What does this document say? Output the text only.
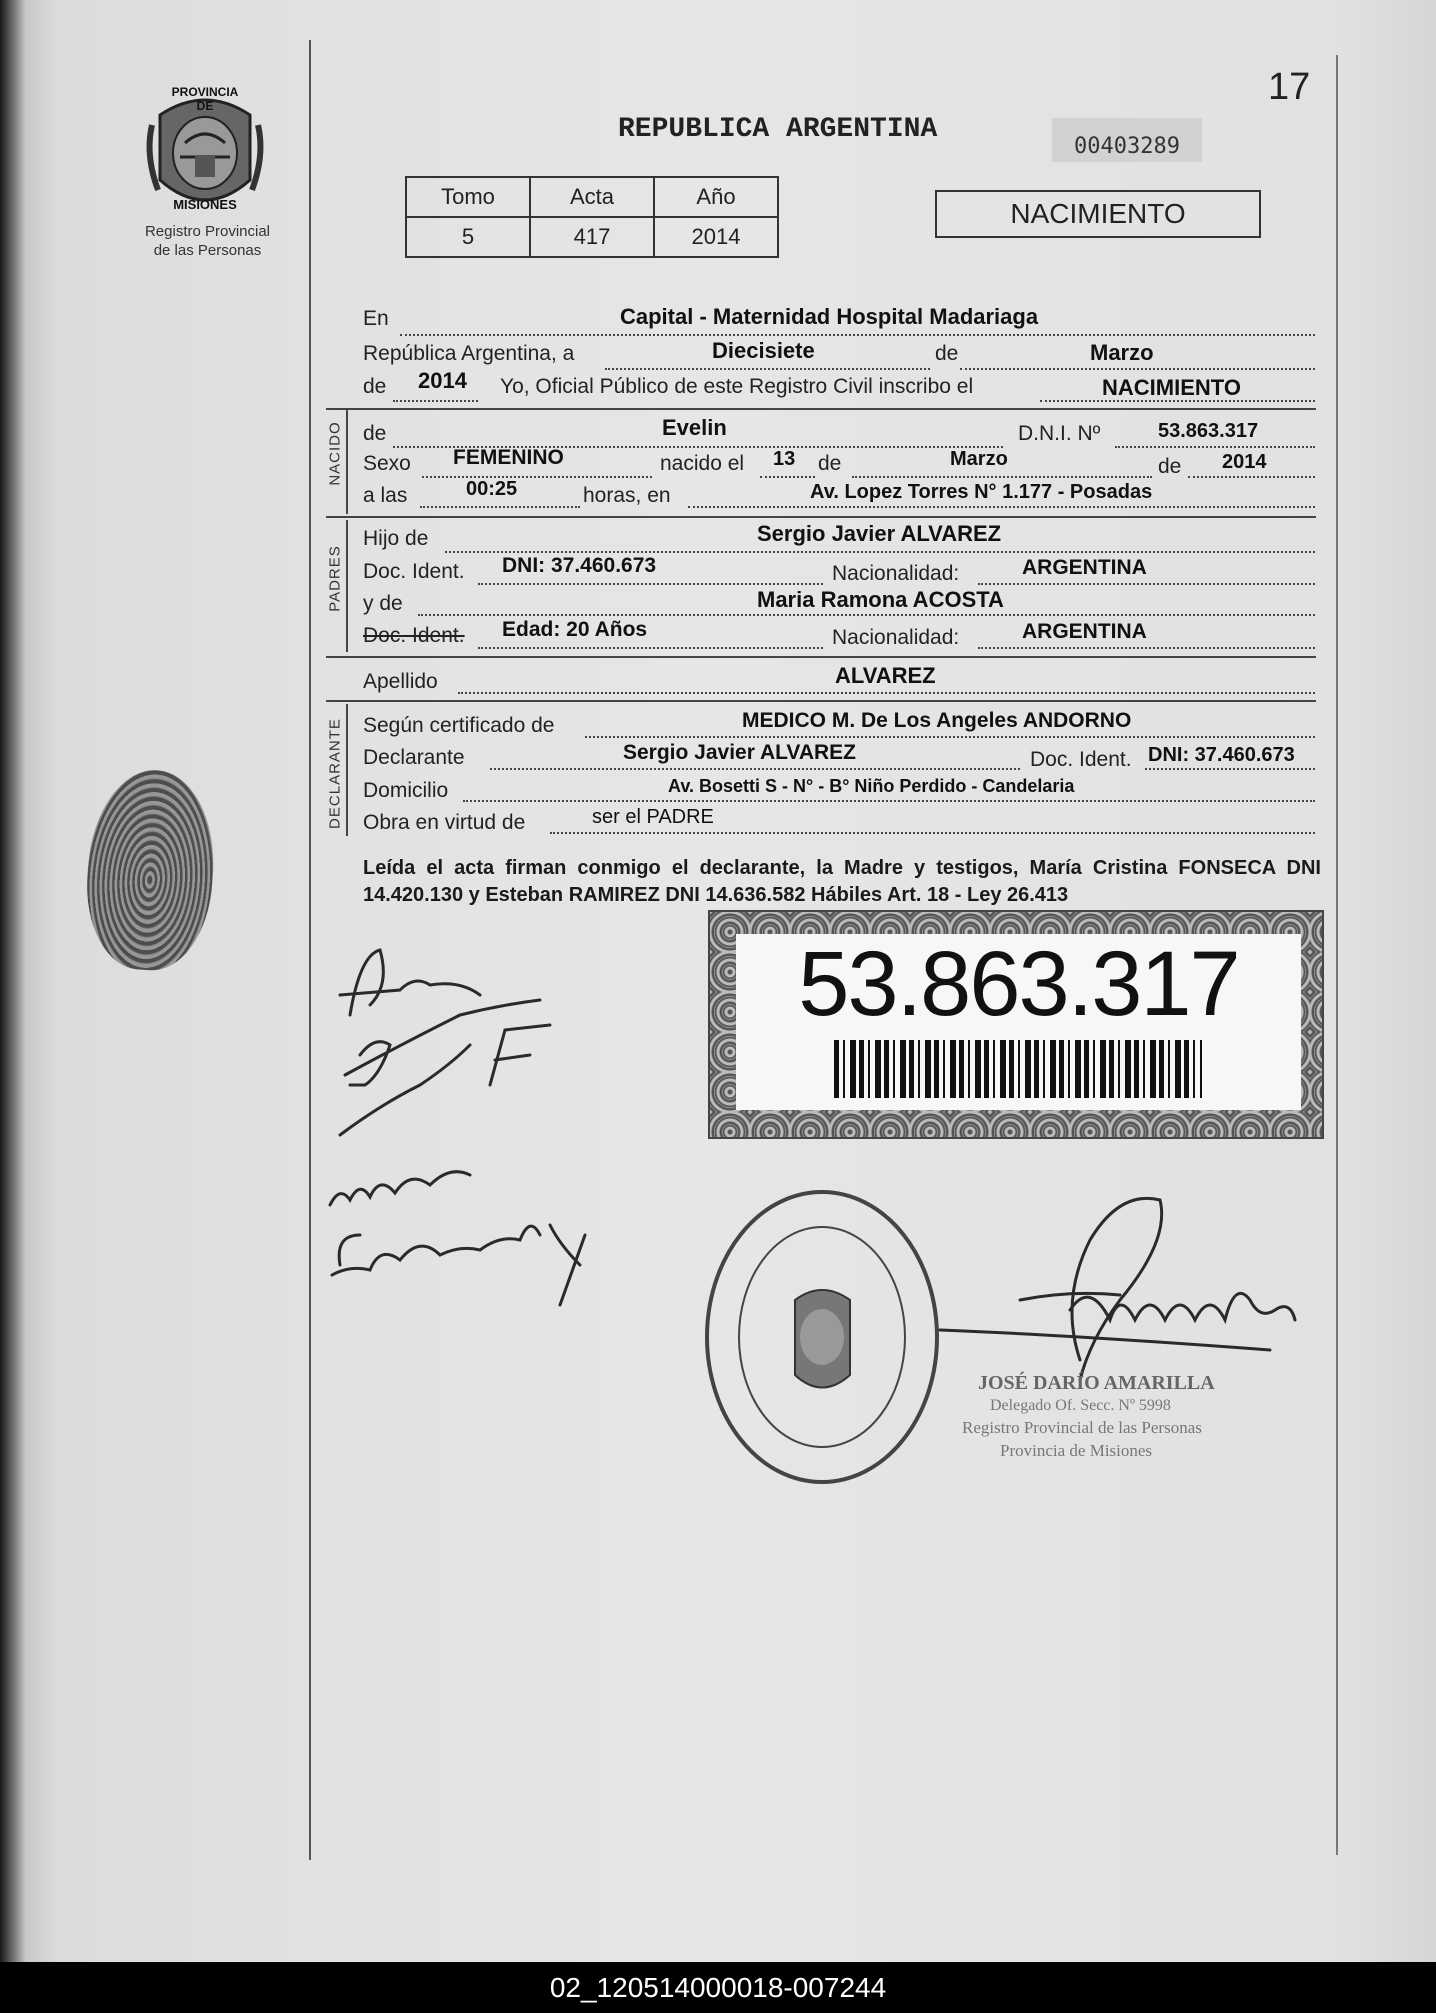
PROVINCIA DE
MISIONES
Registro Provincial
de las Personas
17
REPUBLICA ARGENTINA
00403289
NACIMIENTO
Tomo	Acta	Año
5	417	2014
En	Capital - Maternidad Hospital Madariaga
República Argentina, a	Diecisiete	de	Marzo
de 2014 Yo, Oficial Público de este Registro Civil inscribo el	NACIMIENTO
NACIDO de	Evelin	D.N.I. Nº	53.863.317
Sexo FEMENINO	nacido el 13 de	Marzo	de 2014
a las	00:25	horas, en	Av. Lopez Torres N° 1.177 - Posadas
PADRES
Hijo de	Sergio Javier ALVAREZ
Doc. Ident. DNI: 37.460.673	Nacionalidad:	ARGENTINA
y de	Maria Ramona ACOSTA
Doc. Ident. Edad: 20 Años	Nacionalidad:	ARGENTINA
Apellido	ALVAREZ
DECLARANTE Según certificado de	MEDICO M. De Los Angeles ANDORNO
Declarante	Sergio Javier ALVAREZ	Doc. Ident. DNI: 37.460.673
Domicilio	Av. Bosetti S - N° - B° Niño Perdido - Candelaria
Obra en virtud de	ser el PADRE
Leída el acta firman conmigo el declarante, la Madre y testigos, María Cristina FONSECA DNI 14.420.130 y Esteban RAMIREZ DNI 14.636.582 Hábiles Art. 18 - Ley 26.413
53.863.317
JOSÉ DARÍO AMARILLA
Delegado Of. Secc. Nº 5998
Registro Provincial de las Personas
Provincia de Misiones
02_120514000018-007244
